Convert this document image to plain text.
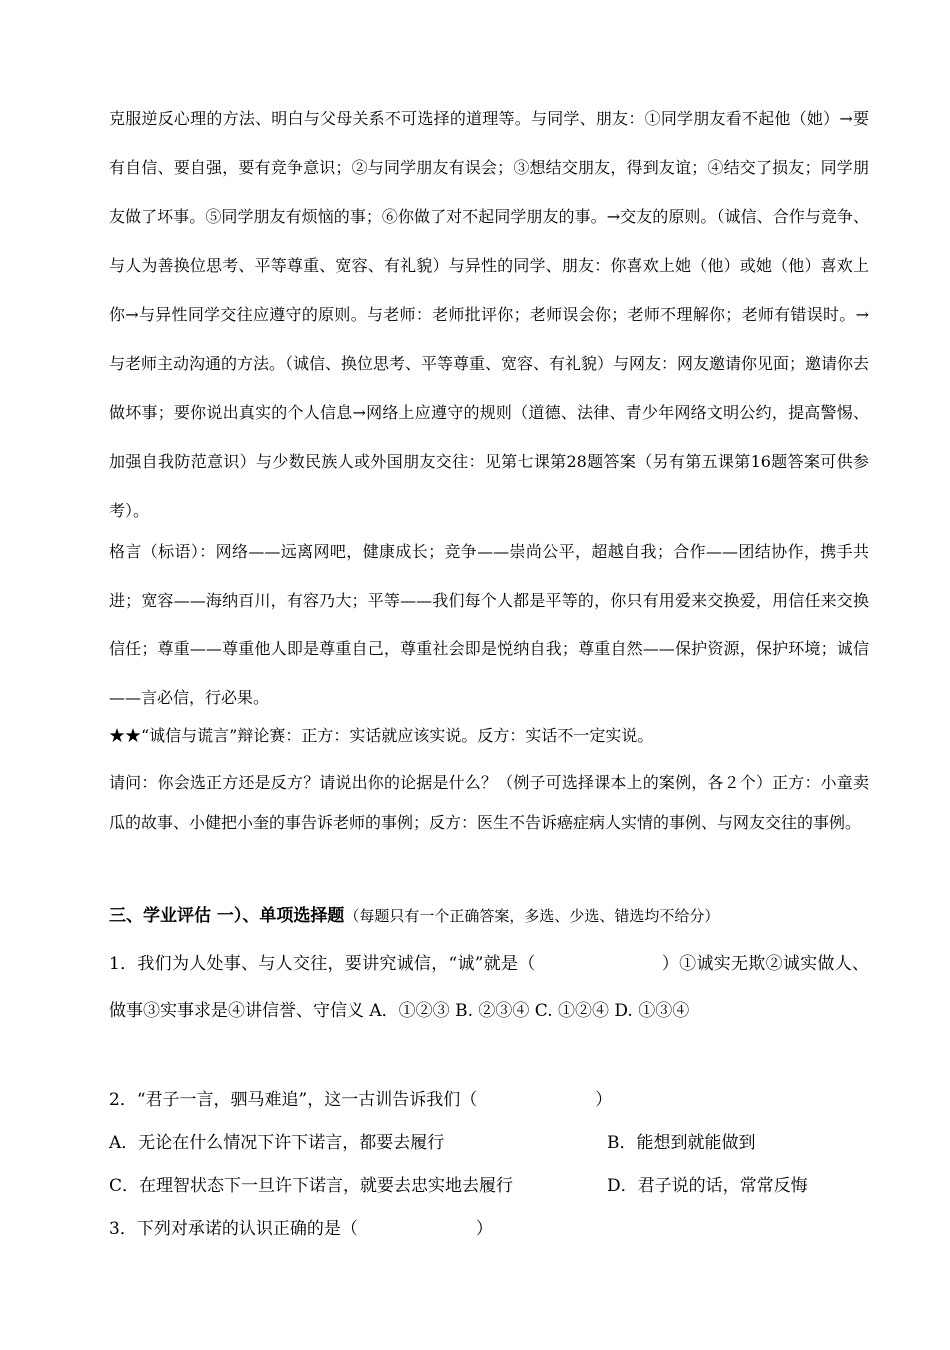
克服逆反心理的方法、明白与父母关系不可选择的道理等。与同学、朋友：①同学朋友看不起他（她）→要有自信、要自强，要有竞争意识；②与同学朋友有误会；③想结交朋友，得到友谊；④结交了损友；同学朋友做了坏事。⑤同学朋友有烦恼的事；⑥你做了对不起同学朋友的事。→交友的原则。（诚信、合作与竞争、与人为善换位思考、平等尊重、宽容、有礼貌）与异性的同学、朋友：你喜欢上她（他）或她（他）喜欢上你→与异性同学交往应遵守的原则。与老师：老师批评你；老师误会你；老师不理解你；老师有错误时。→与老师主动沟通的方法。（诚信、换位思考、平等尊重、宽容、有礼貌）与网友：网友邀请你见面；邀请你去做坏事；要你说出真实的个人信息→网络上应遵守的规则（道德、法律、青少年网络文明公约，提高警惕、加强自我防范意识）与少数民族人或外国朋友交往：见第七课第28题答案（另有第五课第16题答案可供参考）。

格言（标语）：网络——远离网吧，健康成长；竞争——崇尚公平，超越自我；合作——团结协作，携手共进；宽容——海纳百川，有容乃大；平等——我们每个人都是平等的，你只有用爱来交换爱，用信任来交换信任；尊重——尊重他人即是尊重自己，尊重社会即是悦纳自我；尊重自然——保护资源，保护环境；诚信——言必信，行必果。

★★“诚信与谎言”辩论赛：正方：实话就应该实说。反方：实话不一定实说。

请问：你会选正方还是反方？请说出你的论据是什么？（例子可选择课本上的案例，各２个）正方：小童卖瓜的故事、小健把小奎的事告诉老师的事例；反方：医生不告诉癌症病人实情的事例、与网友交往的事例。

三、学业评估 一）、单项选择题（每题只有一个正确答案，多选、少选、错选均不给分）

1．我们为人处事、与人交往，要讲究诚信，“诚”就是（	）①诚实无欺②诚实做人、做事③实事求是④讲信誉、守信义 A．①②③ B. ②③④ C. ①②④ D. ①③④

2．“君子一言，驷马难追”，这一古训告诉我们（	）

A．无论在什么情况下许下诺言，都要去履行	B．能想到就能做到
C．在理智状态下一旦许下诺言，就要去忠实地去履行	D．君子说的话，常常反悔

3．下列对承诺的认识正确的是（	）
